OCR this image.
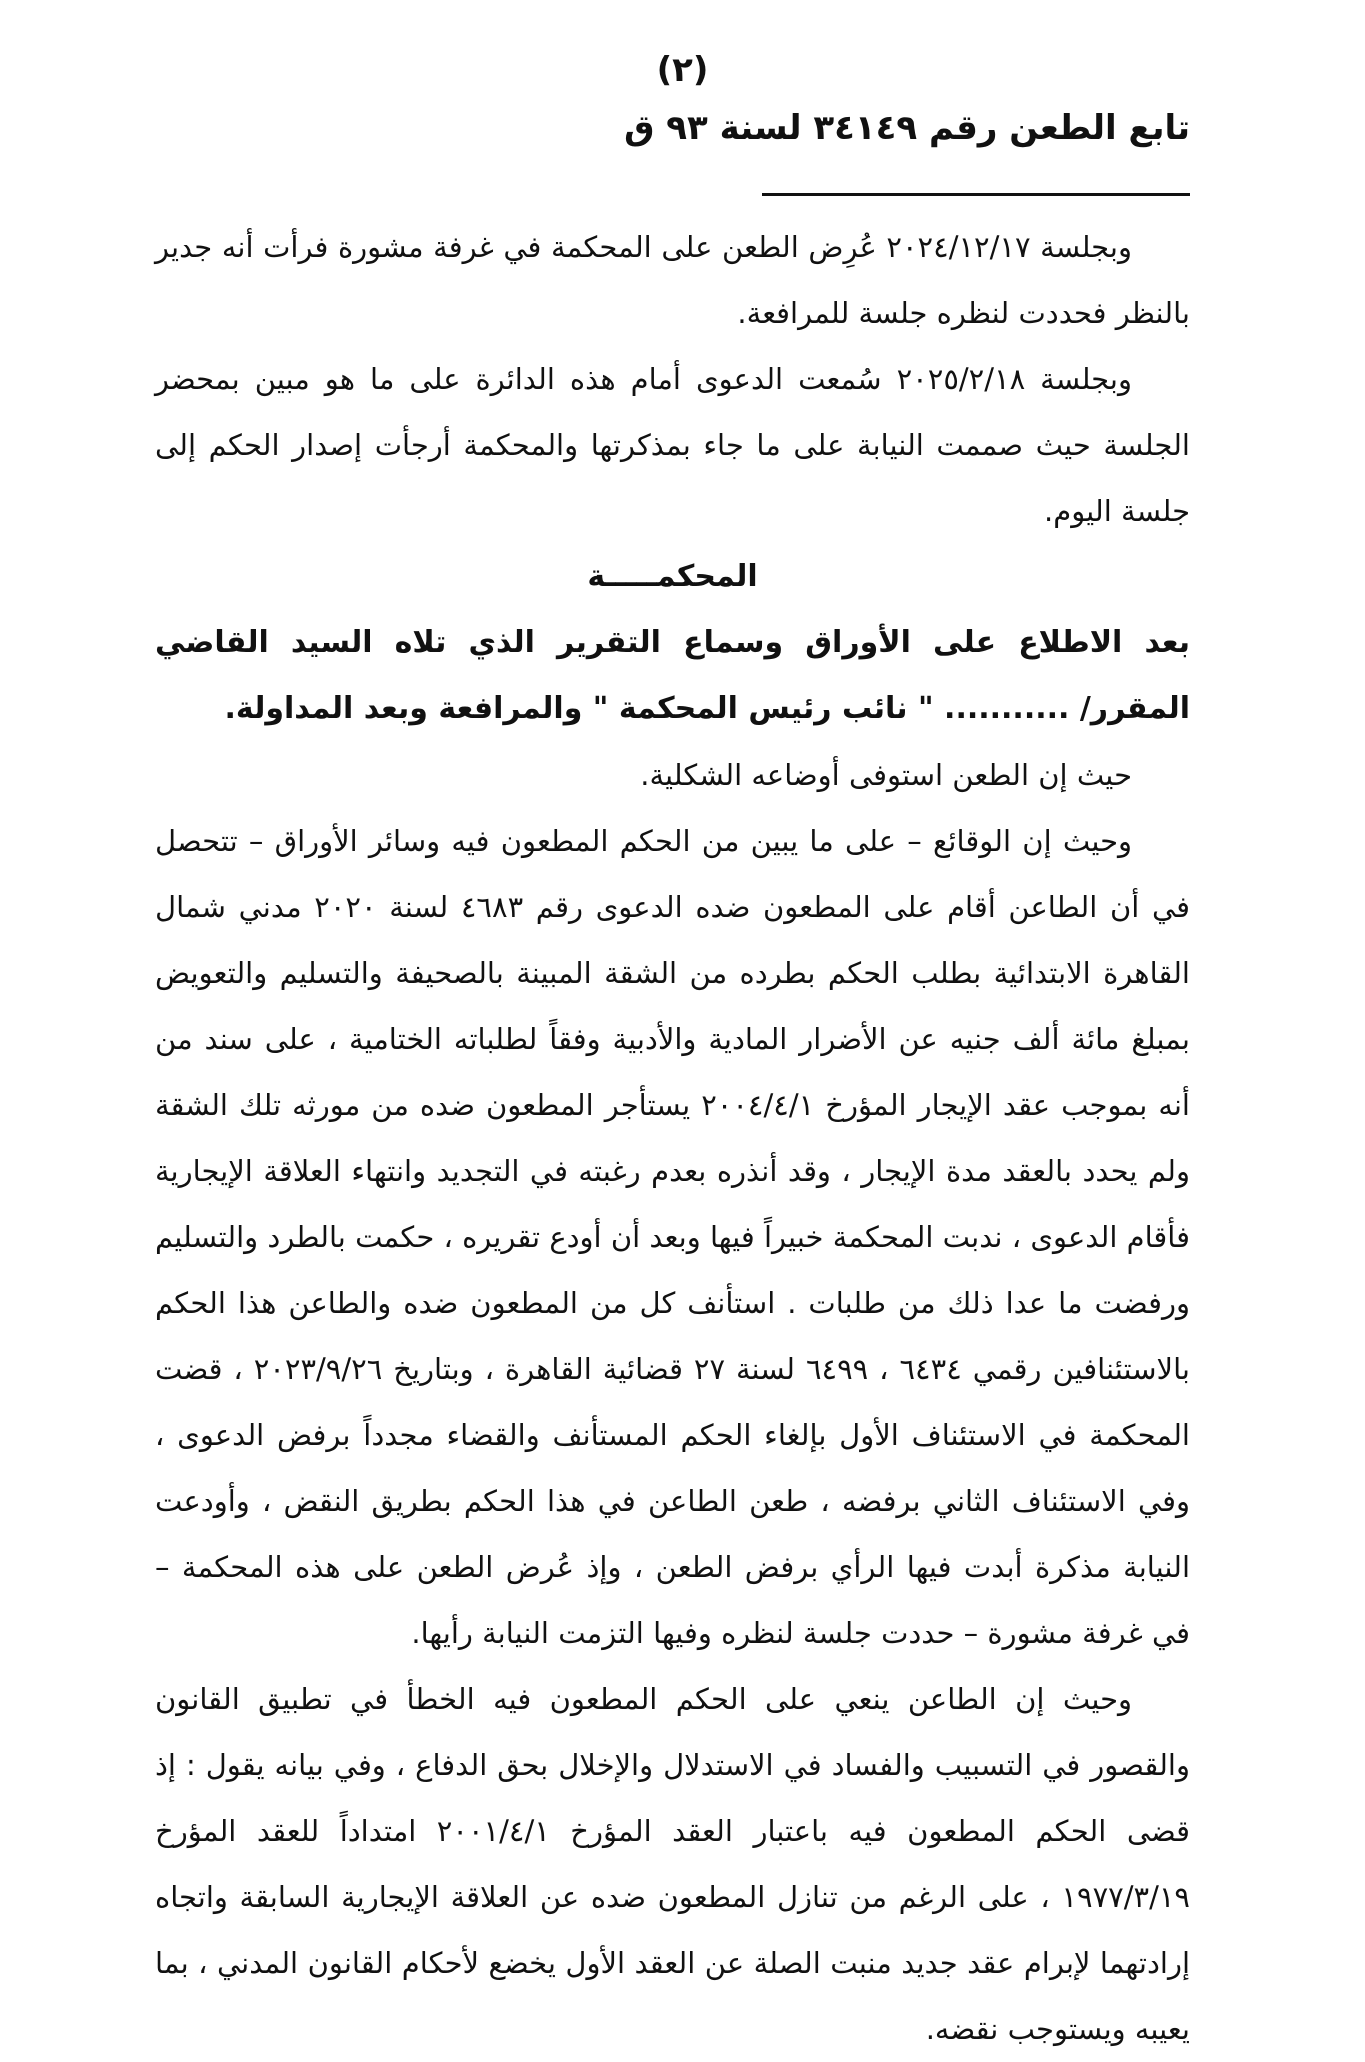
(٢)
تابع الطعن رقم ٣٤١٤٩ لسنة ٩٣ ق

وبجلسة ٢٠٢٤/١٢/١٧ عُرِض الطعن على المحكمة في غرفة مشورة فرأت أنه جدير بالنظر فحددت لنظره جلسة للمرافعة.

وبجلسة ٢٠٢٥/٢/١٨ سُمعت الدعوى أمام هذه الدائرة على ما هو مبين بمحضر الجلسة حيث صممت النيابة على ما جاء بمذكرتها والمحكمة أرجأت إصدار الحكم إلى جلسة اليوم.

المحكمـــــة

بعد الاطلاع على الأوراق وسماع التقرير الذي تلاه السيد القاضي المقرر/ ........... " نائب رئيس المحكمة " والمرافعة وبعد المداولة.

حيث إن الطعن استوفى أوضاعه الشكلية.

وحيث إن الوقائع – على ما يبين من الحكم المطعون فيه وسائر الأوراق – تتحصل في أن الطاعن أقام على المطعون ضده الدعوى رقم ٤٦٨٣ لسنة ٢٠٢٠ مدني شمال القاهرة الابتدائية بطلب الحكم بطرده من الشقة المبينة بالصحيفة والتسليم والتعويض بمبلغ مائة ألف جنيه عن الأضرار المادية والأدبية وفقاً لطلباته الختامية ، على سند من أنه بموجب عقد الإيجار المؤرخ ٢٠٠٤/٤/١ يستأجر المطعون ضده من مورثه تلك الشقة ولم يحدد بالعقد مدة الإيجار ، وقد أنذره بعدم رغبته في التجديد وانتهاء العلاقة الإيجارية فأقام الدعوى ، ندبت المحكمة خبيراً فيها وبعد أن أودع تقريره ، حكمت بالطرد والتسليم ورفضت ما عدا ذلك من طلبات . استأنف كل من المطعون ضده والطاعن هذا الحكم بالاستئنافين رقمي ٦٤٣٤ ، ٦٤٩٩ لسنة ٢٧ قضائية القاهرة ، وبتاريخ ٢٠٢٣/٩/٢٦ ، قضت المحكمة في الاستئناف الأول بإلغاء الحكم المستأنف والقضاء مجدداً برفض الدعوى ، وفي الاستئناف الثاني برفضه ، طعن الطاعن في هذا الحكم بطريق النقض ، وأودعت النيابة مذكرة أبدت فيها الرأي برفض الطعن ، وإذ عُرض الطعن على هذه المحكمة – في غرفة مشورة – حددت جلسة لنظره وفيها التزمت النيابة رأيها.

وحيث إن الطاعن ينعي على الحكم المطعون فيه الخطأ في تطبيق القانون والقصور في التسبيب والفساد في الاستدلال والإخلال بحق الدفاع ، وفي بيانه يقول : إذ قضى الحكم المطعون فيه باعتبار العقد المؤرخ ٢٠٠١/٤/١ امتداداً للعقد المؤرخ ١٩٧٧/٣/١٩ ، على الرغم من تنازل المطعون ضده عن العلاقة الإيجارية السابقة واتجاه إرادتهما لإبرام عقد جديد منبت الصلة عن العقد الأول يخضع لأحكام القانون المدني ، بما يعيبه ويستوجب نقضه.
